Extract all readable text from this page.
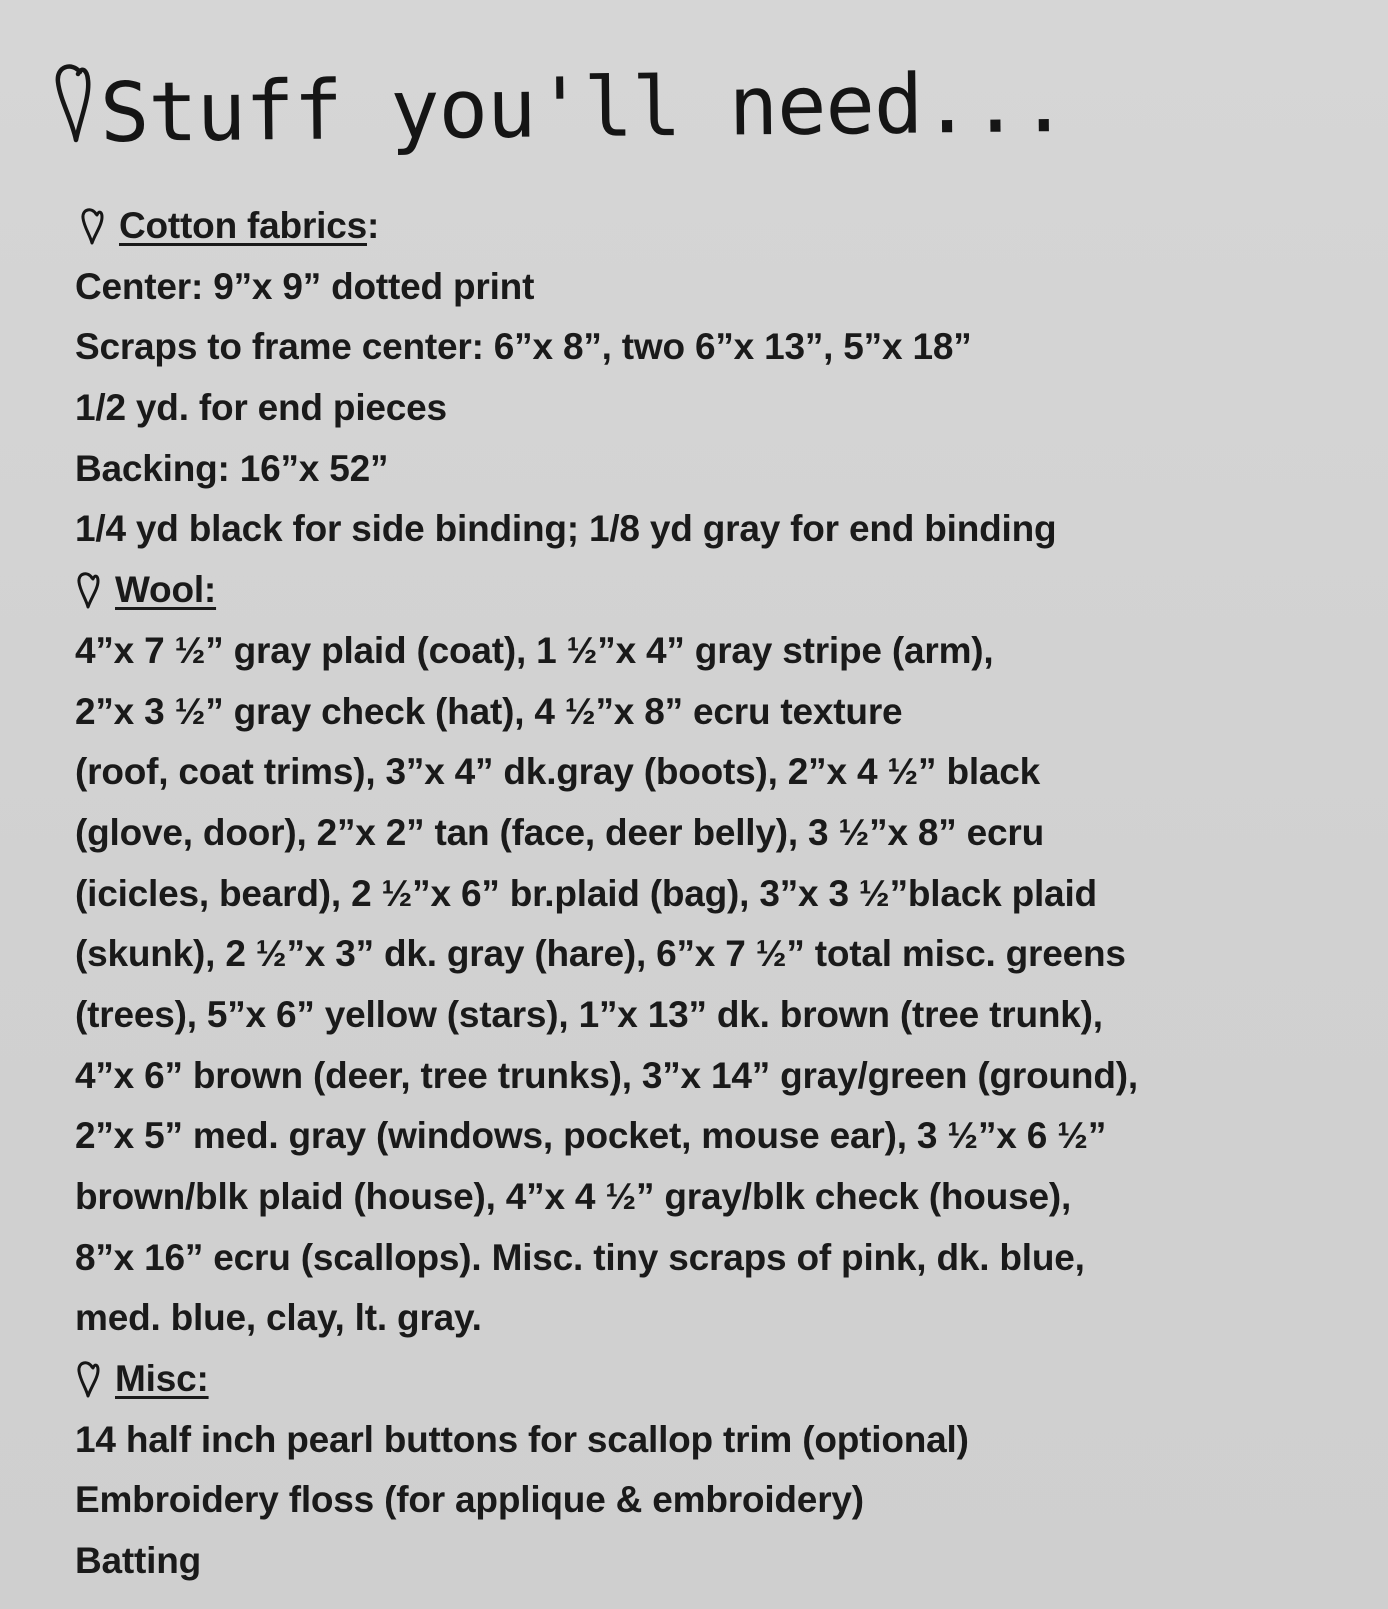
Stuff you'll need...
Cotton fabrics :
Center: 9”x 9” dotted print
Scraps to frame center: 6”x 8”, two 6”x 13”, 5”x 18”
1/2 yd. for end pieces
Backing: 16”x 52”
1/4 yd black for side binding; 1/8 yd gray for end binding
Wool:
4”x 7 ½” gray plaid (coat), 1 ½”x 4” gray stripe (arm),
2”x 3 ½” gray check (hat), 4 ½”x 8” ecru texture
(roof, coat trims), 3”x 4” dk.gray (boots), 2”x 4 ½” black
(glove, door), 2”x 2” tan (face, deer belly), 3 ½”x 8” ecru
(icicles, beard), 2 ½”x 6” br.plaid (bag), 3”x 3 ½”black plaid
(skunk), 2 ½”x 3” dk. gray (hare), 6”x 7 ½” total misc. greens
(trees), 5”x 6” yellow (stars), 1”x 13” dk. brown (tree trunk),
4”x 6” brown (deer, tree trunks), 3”x 14” gray/green (ground),
2”x 5” med. gray (windows, pocket, mouse ear), 3 ½”x 6 ½”
brown/blk plaid (house), 4”x 4 ½” gray/blk check (house),
8”x 16” ecru (scallops). Misc. tiny scraps of pink, dk. blue,
med. blue, clay, lt. gray.
Misc:
14 half inch pearl buttons for scallop trim (optional)
Embroidery floss (for applique & embroidery)
Batting
